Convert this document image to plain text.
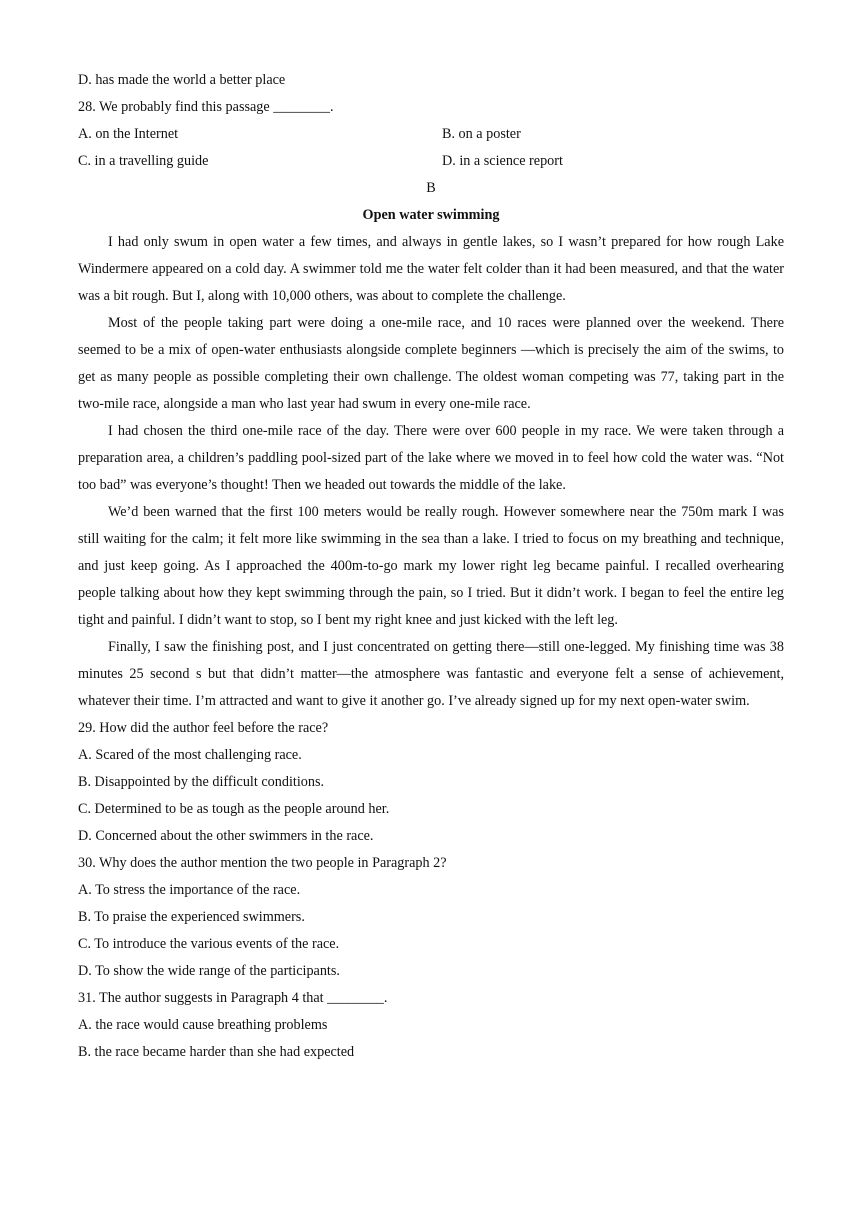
D. has made the world a better place
28. We probably find this passage ________.
A. on the Internet	B. on a poster
C. in a travelling guide	D. in a science report
B
Open water swimming

I had only swum in open water a few times, and always in gentle lakes, so I wasn’t prepared for how rough Lake Windermere appeared on a cold day. A swimmer told me the water felt colder than it had been measured, and that the water was a bit rough. But I, along with 10,000 others, was about to complete the challenge.

Most of the people taking part were doing a one-mile race, and 10 races were planned over the weekend. There seemed to be a mix of open-water enthusiasts alongside complete beginners —which is precisely the aim of the swims, to get as many people as possible completing their own challenge. The oldest woman competing was 77, taking part in the two-mile race, alongside a man who last year had swum in every one-mile race.

I had chosen the third one-mile race of the day. There were over 600 people in my race. We were taken through a preparation area, a children’s paddling pool-sized part of the lake where we moved in to feel how cold the water was. “Not too bad” was everyone’s thought! Then we headed out towards the middle of the lake.

We’d been warned that the first 100 meters would be really rough. However somewhere near the 750m mark I was still waiting for the calm; it felt more like swimming in the sea than a lake. I tried to focus on my breathing and technique, and just keep going. As I approached the 400m-to-go mark my lower right leg became painful. I recalled overhearing people talking about how they kept swimming through the pain, so I tried. But it didn’t work. I began to feel the entire leg tight and painful. I didn’t want to stop, so I bent my right knee and just kicked with the left leg.

Finally, I saw the finishing post, and I just concentrated on getting there—still one-legged. My finishing time was 38 minutes 25 second s but that didn’t matter—the atmosphere was fantastic and everyone felt a sense of achievement, whatever their time. I’m attracted and want to give it another go. I’ve already signed up for my next open-water swim.

29. How did the author feel before the race?
A. Scared of the most challenging race.
B. Disappointed by the difficult conditions.
C. Determined to be as tough as the people around her.
D. Concerned about the other swimmers in the race.
30. Why does the author mention the two people in Paragraph 2?
A. To stress the importance of the race.
B. To praise the experienced swimmers.
C. To introduce the various events of the race.
D. To show the wide range of the participants.
31. The author suggests in Paragraph 4 that ________.
A. the race would cause breathing problems
B. the race became harder than she had expected
